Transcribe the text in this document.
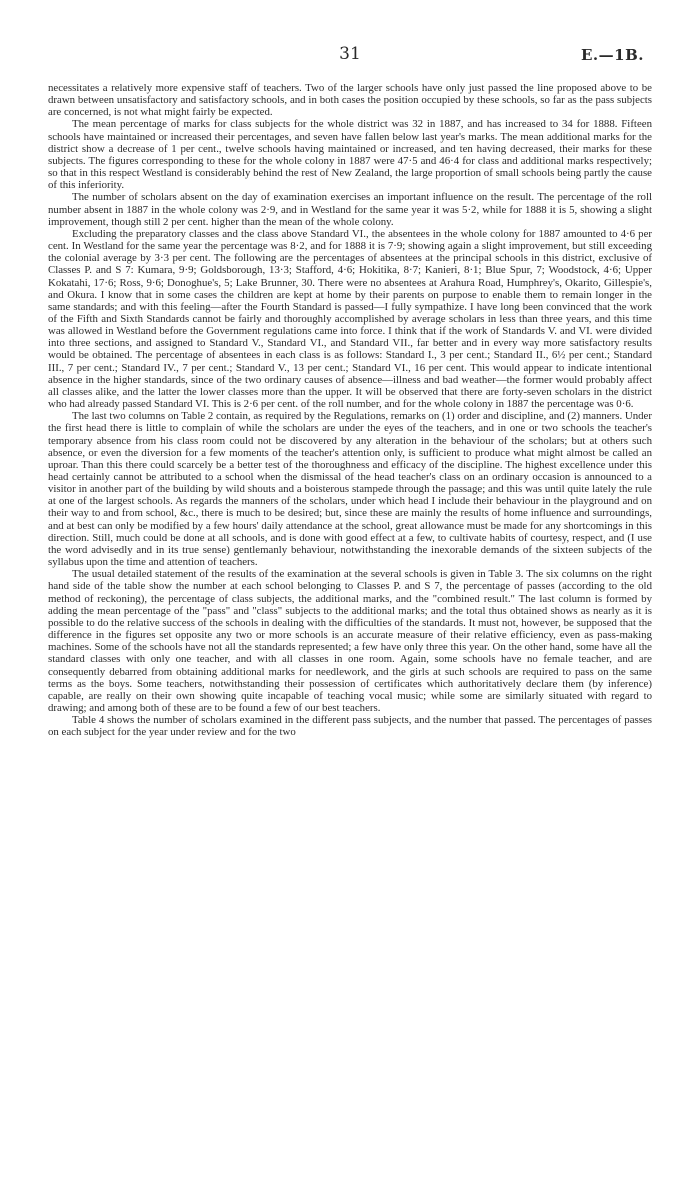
31	E.—1B.

necessitates a relatively more expensive staff of teachers. Two of the larger schools have only just passed the line proposed above to be drawn between unsatisfactory and satisfactory schools, and in both cases the position occupied by these schools, so far as the pass subjects are concerned, is not what might fairly be expected.

The mean percentage of marks for class subjects for the whole district was 32 in 1887, and has increased to 34 for 1888. Fifteen schools have maintained or increased their percentages, and seven have fallen below last year's marks. The mean additional marks for the district show a decrease of 1 per cent., twelve schools having maintained or increased, and ten having decreased, their marks for these subjects. The figures corresponding to these for the whole colony in 1887 were 47·5 and 46·4 for class and additional marks respectively; so that in this respect Westland is considerably behind the rest of New Zealand, the large proportion of small schools being partly the cause of this inferiority.

The number of scholars absent on the day of examination exercises an important influence on the result. The percentage of the roll number absent in 1887 in the whole colony was 2·9, and in Westland for the same year it was 5·2, while for 1888 it is 5, showing a slight improvement, though still 2 per cent. higher than the mean of the whole colony.

Excluding the preparatory classes and the class above Standard VI., the absentees in the whole colony for 1887 amounted to 4·6 per cent. In Westland for the same year the percentage was 8·2, and for 1888 it is 7·9; showing again a slight improvement, but still exceeding the colonial average by 3·3 per cent. The following are the percentages of absentees at the principal schools in this district, exclusive of Classes P. and S 7: Kumara, 9·9; Goldsborough, 13·3; Stafford, 4·6; Hokitika, 8·7; Kanieri, 8·1; Blue Spur, 7; Woodstock, 4·6; Upper Kokatahi, 17·6; Ross, 9·6; Donoghue's, 5; Lake Brunner, 30. There were no absentees at Arahura Road, Humphrey's, Okarito, Gillespie's, and Okura. I know that in some cases the children are kept at home by their parents on purpose to enable them to remain longer in the same standards; and with this feeling—after the Fourth Standard is passed—I fully sympathize. I have long been convinced that the work of the Fifth and Sixth Standards cannot be fairly and thoroughly accomplished by average scholars in less than three years, and this time was allowed in Westland before the Government regulations came into force. I think that if the work of Standards V. and VI. were divided into three sections, and assigned to Standard V., Standard VI., and Standard VII., far better and in every way more satisfactory results would be obtained. The percentage of absentees in each class is as follows: Standard I., 3 per cent.; Standard II., 6½ per cent.; Standard III., 7 per cent.; Standard IV., 7 per cent.; Standard V., 13 per cent.; Standard VI., 16 per cent. This would appear to indicate intentional absence in the higher standards, since of the two ordinary causes of absence—illness and bad weather—the former would probably affect all classes alike, and the latter the lower classes more than the upper. It will be observed that there are forty-seven scholars in the district who had already passed Standard VI. This is 2·6 per cent. of the roll number, and for the whole colony in 1887 the percentage was 0·6.

The last two columns on Table 2 contain, as required by the Regulations, remarks on (1) order and discipline, and (2) manners. Under the first head there is little to complain of while the scholars are under the eyes of the teachers, and in one or two schools the teacher's temporary absence from his class room could not be discovered by any alteration in the behaviour of the scholars; but at others such absence, or even the diversion for a few moments of the teacher's attention only, is sufficient to produce what might almost be called an uproar. Than this there could scarcely be a better test of the thoroughness and efficacy of the discipline. The highest excellence under this head certainly cannot be attributed to a school when the dismissal of the head teacher's class on an ordinary occasion is announced to a visitor in another part of the building by wild shouts and a boisterous stampede through the passage; and this was until quite lately the rule at one of the largest schools. As regards the manners of the scholars, under which head I include their behaviour in the playground and on their way to and from school, &c., there is much to be desired; but, since these are mainly the results of home influence and surroundings, and at best can only be modified by a few hours' daily attendance at the school, great allowance must be made for any shortcomings in this direction. Still, much could be done at all schools, and is done with good effect at a few, to cultivate habits of courtesy, respect, and (I use the word advisedly and in its true sense) gentlemanly behaviour, notwithstanding the inexorable demands of the sixteen subjects of the syllabus upon the time and attention of teachers.

The usual detailed statement of the results of the examination at the several schools is given in Table 3. The six columns on the right hand side of the table show the number at each school belonging to Classes P. and S 7, the percentage of passes (according to the old method of reckoning), the percentage of class subjects, the additional marks, and the "combined result." The last column is formed by adding the mean percentage of the "pass" and "class" subjects to the additional marks; and the total thus obtained shows as nearly as it is possible to do the relative success of the schools in dealing with the difficulties of the standards. It must not, however, be supposed that the difference in the figures set opposite any two or more schools is an accurate measure of their relative efficiency, even as pass-making machines. Some of the schools have not all the standards represented; a few have only three this year. On the other hand, some have all the standard classes with only one teacher, and with all classes in one room. Again, some schools have no female teacher, and are consequently debarred from obtaining additional marks for needlework, and the girls at such schools are required to pass on the same terms as the boys. Some teachers, notwithstanding their possession of certificates which authoritatively declare them (by inference) capable, are really on their own showing quite incapable of teaching vocal music; while some are similarly situated with regard to drawing; and among both of these are to be found a few of our best teachers.

Table 4 shows the number of scholars examined in the different pass subjects, and the number that passed. The percentages of passes on each subject for the year under review and for the two
